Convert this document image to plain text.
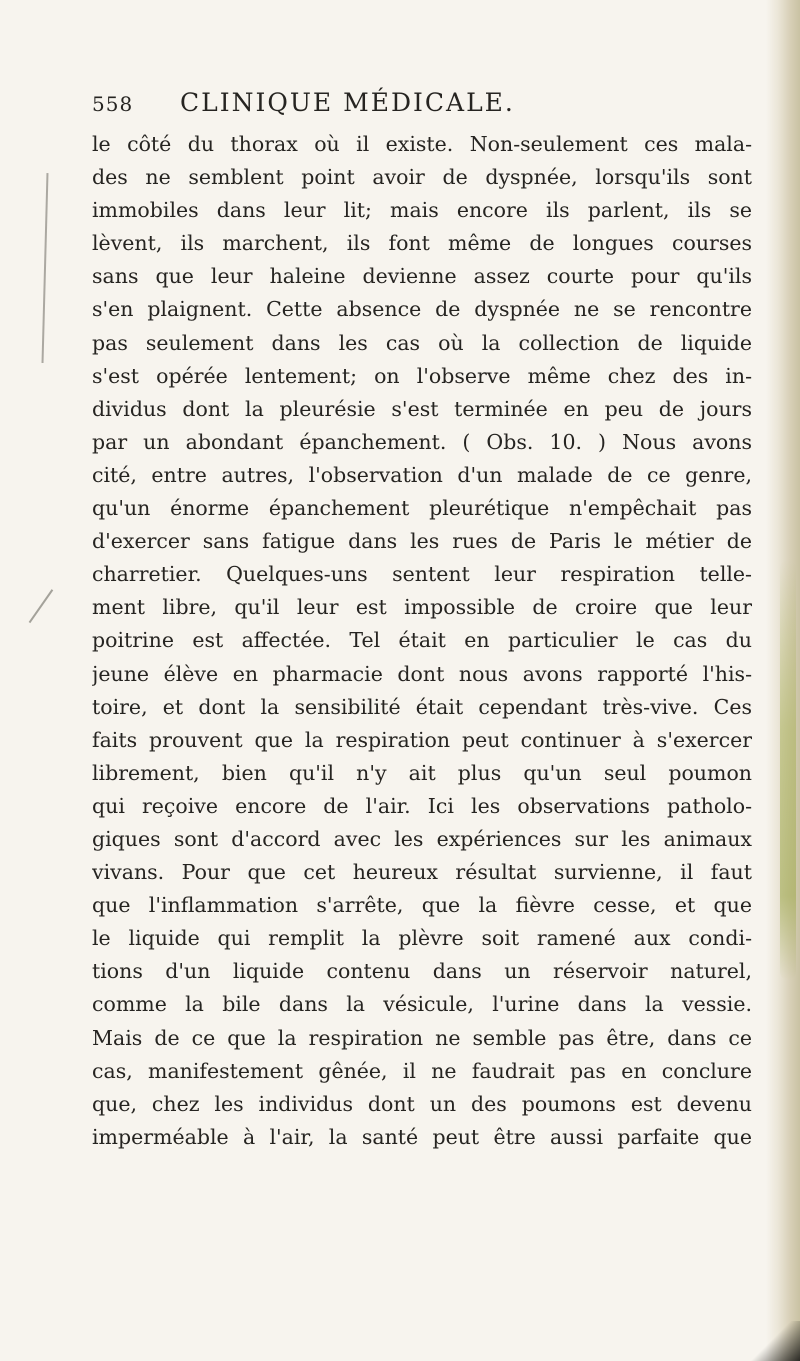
558 CLINIQUE MÉDICALE.
le côté du thorax où il existe. Non-seulement ces mala-
des ne semblent point avoir de dyspnée, lorsqu'ils sont
immobiles dans leur lit; mais encore ils parlent, ils se
lèvent, ils marchent, ils font même de longues courses
sans que leur haleine devienne assez courte pour qu'ils
s'en plaignent. Cette absence de dyspnée ne se rencontre
pas seulement dans les cas où la collection de liquide
s'est opérée lentement; on l'observe même chez des in-
dividus dont la pleurésie s'est terminée en peu de jours
par un abondant épanchement. ( Obs. 10. ) Nous avons
cité, entre autres, l'observation d'un malade de ce genre,
qu'un énorme épanchement pleurétique n'empêchait pas
d'exercer sans fatigue dans les rues de Paris le métier de
charretier. Quelques-uns sentent leur respiration telle-
ment libre, qu'il leur est impossible de croire que leur
poitrine est affectée. Tel était en particulier le cas du
jeune élève en pharmacie dont nous avons rapporté l'his-
toire, et dont la sensibilité était cependant très-vive. Ces
faits prouvent que la respiration peut continuer à s'exercer
librement, bien qu'il n'y ait plus qu'un seul poumon
qui reçoive encore de l'air. Ici les observations patholo-
giques sont d'accord avec les expériences sur les animaux
vivans. Pour que cet heureux résultat survienne, il faut
que l'inflammation s'arrête, que la fièvre cesse, et que
le liquide qui remplit la plèvre soit ramené aux condi-
tions d'un liquide contenu dans un réservoir naturel,
comme la bile dans la vésicule, l'urine dans la vessie.
Mais de ce que la respiration ne semble pas être, dans ce
cas, manifestement gênée, il ne faudrait pas en conclure
que, chez les individus dont un des poumons est devenu
imperméable à l'air, la santé peut être aussi parfaite que
